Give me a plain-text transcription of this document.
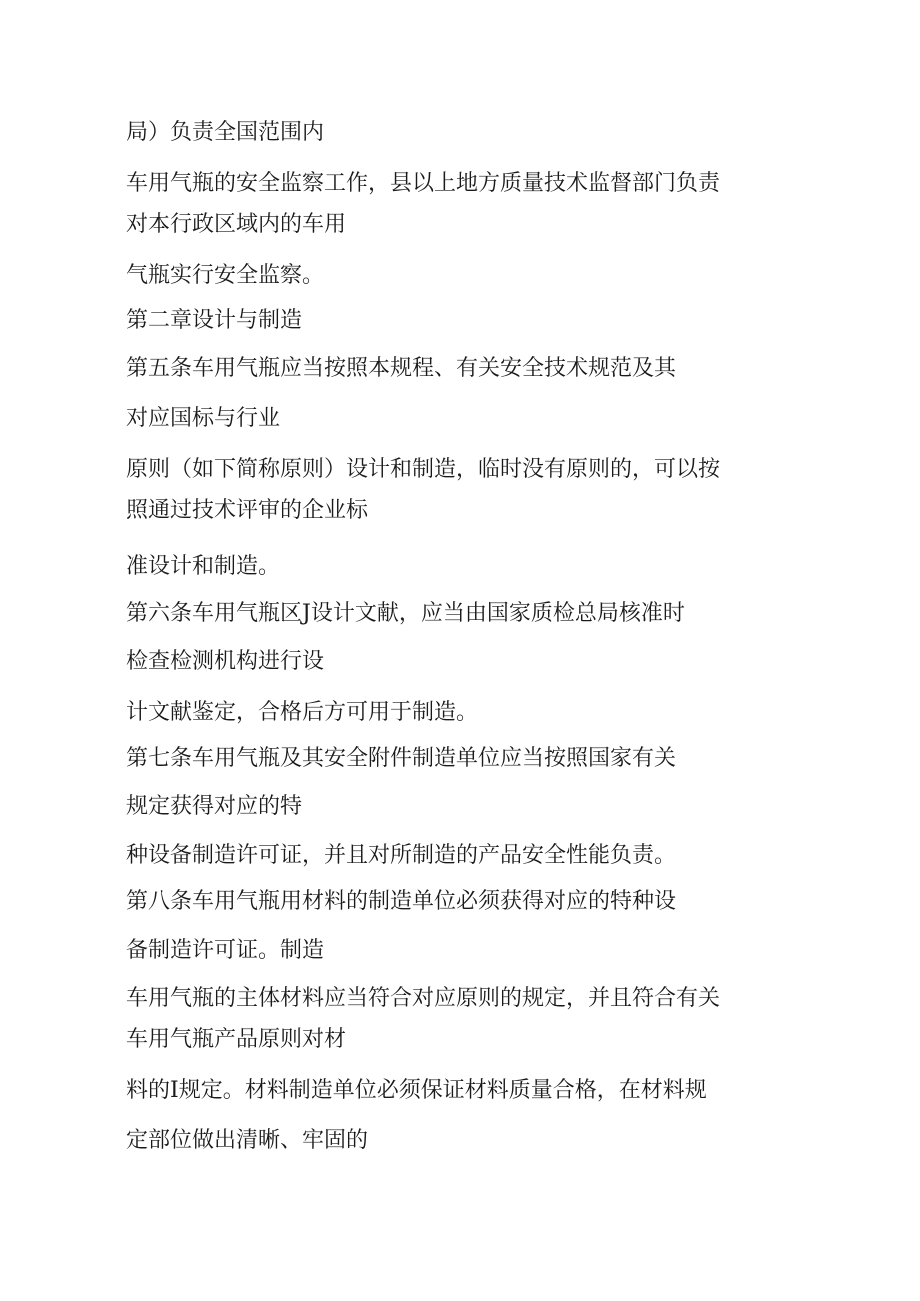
局）负责全国范围内
车用气瓶的安全监察工作，县以上地方质量技术监督部门负责
对本行政区域内的车用
气瓶实行安全监察。
第二章设计与制造
第五条车用气瓶应当按照本规程、有关安全技术规范及其
对应国标与行业
原则（如下简称原则）设计和制造，临时没有原则的，可以按
照通过技术评审的企业标
准设计和制造。
第六条车用气瓶区J设计文献，应当由国家质检总局核准时
检查检测机构进行设
计文献鉴定，合格后方可用于制造。
第七条车用气瓶及其安全附件制造单位应当按照国家有关
规定获得对应的特
种设备制造许可证，并且对所制造的产品安全性能负责。
第八条车用气瓶用材料的制造单位必须获得对应的特种设
备制造许可证。制造
车用气瓶的主体材料应当符合对应原则的规定，并且符合有关
车用气瓶产品原则对材
料的I规定。材料制造单位必须保证材料质量合格，在材料规
定部位做出清晰、牢固的
